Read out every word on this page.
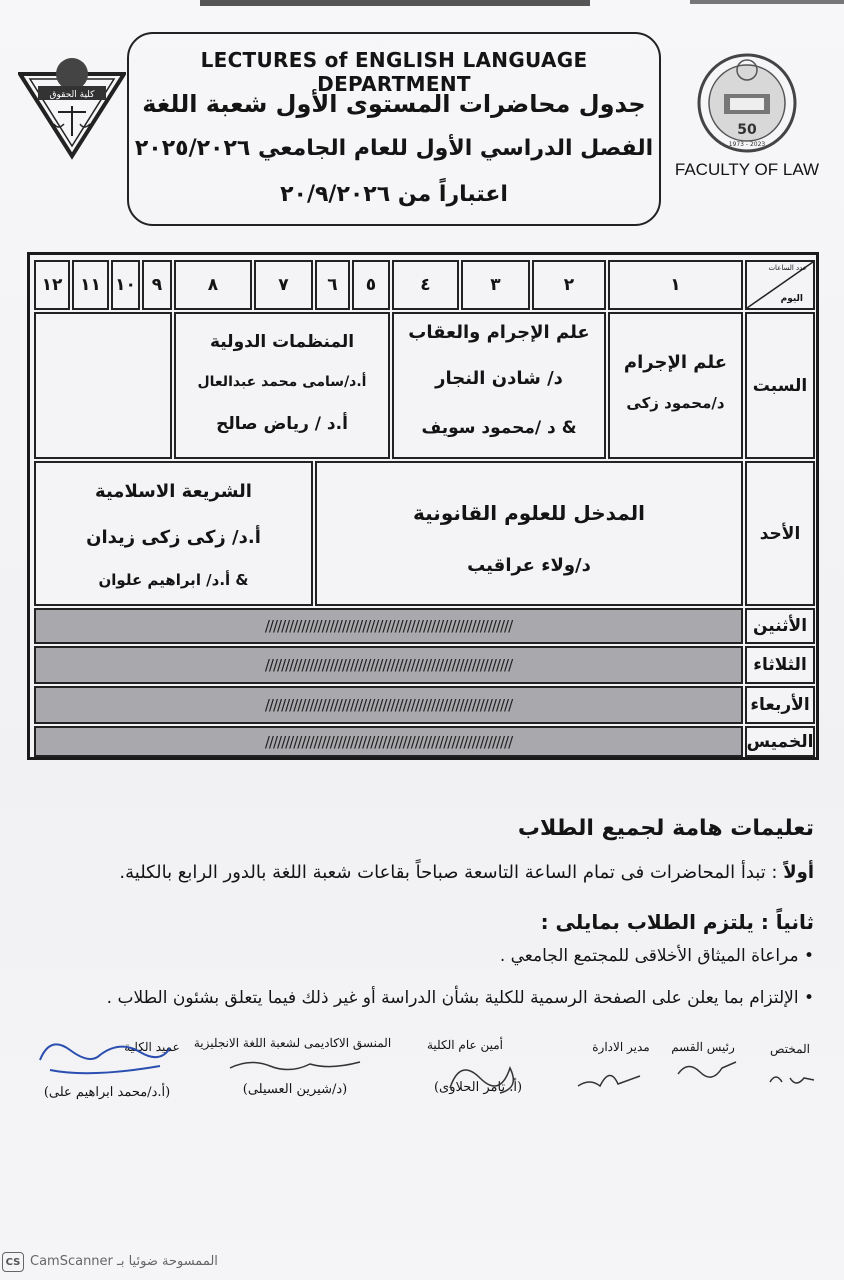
LECTURES of ENGLISH LANGUAGE DEPARTMENT
جدول محاضرات المستوى الأول شعبة اللغة
الفصل الدراسي الأول للعام الجامعي ٢٠٢٥/٢٠٢٦
اعتباراً من ٢٠/٩/٢٠٢٦
كلية الحقوق
50
1973 - 2023
FACULTY OF LAW
عدد الساعات
اليوم
١
٢
٣
٤
٥
٦
٧
٨
٩
١٠
١١
١٢
السبت
علم الإجرام
د/محمود زكى
علم الإجرام والعقاب
د/ شادن النجار
& د /محمود سويف
المنظمات الدولية
أ.د/سامى محمد عبدالعال
أ.د / رياض صالح
الأحد
المدخل للعلوم القانونية
د/ولاء عراقيب
الشريعة الاسلامية
أ.د/ زكى زكى زيدان
& أ.د/ ابراهيم علوان
الأثنين
/////////////////////////////////////////////////////////////
الثلاثاء
/////////////////////////////////////////////////////////////
الأربعاء
/////////////////////////////////////////////////////////////
الخميس
/////////////////////////////////////////////////////////////
تعليمات هامة لجميع الطلاب
أولاً : تبدأ المحاضرات فى تمام الساعة التاسعة صباحاً بقاعات شعبة اللغة بالدور الرابع بالكلية.
ثانياً : يلتزم الطلاب بمايلى :
• مراعاة الميثاق الأخلاقى للمجتمع الجامعي .
• الإلتزام بما يعلن على الصفحة الرسمية للكلية بشأن الدراسة أو غير ذلك فيما يتعلق بشئون الطلاب .
عميد الكلية
(أ.د/محمد ابراهيم على)
المنسق الاكاديمى لشعبة اللغة الانجليزية
(د/شيرين العسيلى)
أمين عام الكلية
(أ. تامر الحلاوى)
مدير الادارة	رئيس القسم	المختص
CS الممسوحة ضوئيا بـ CamScanner
